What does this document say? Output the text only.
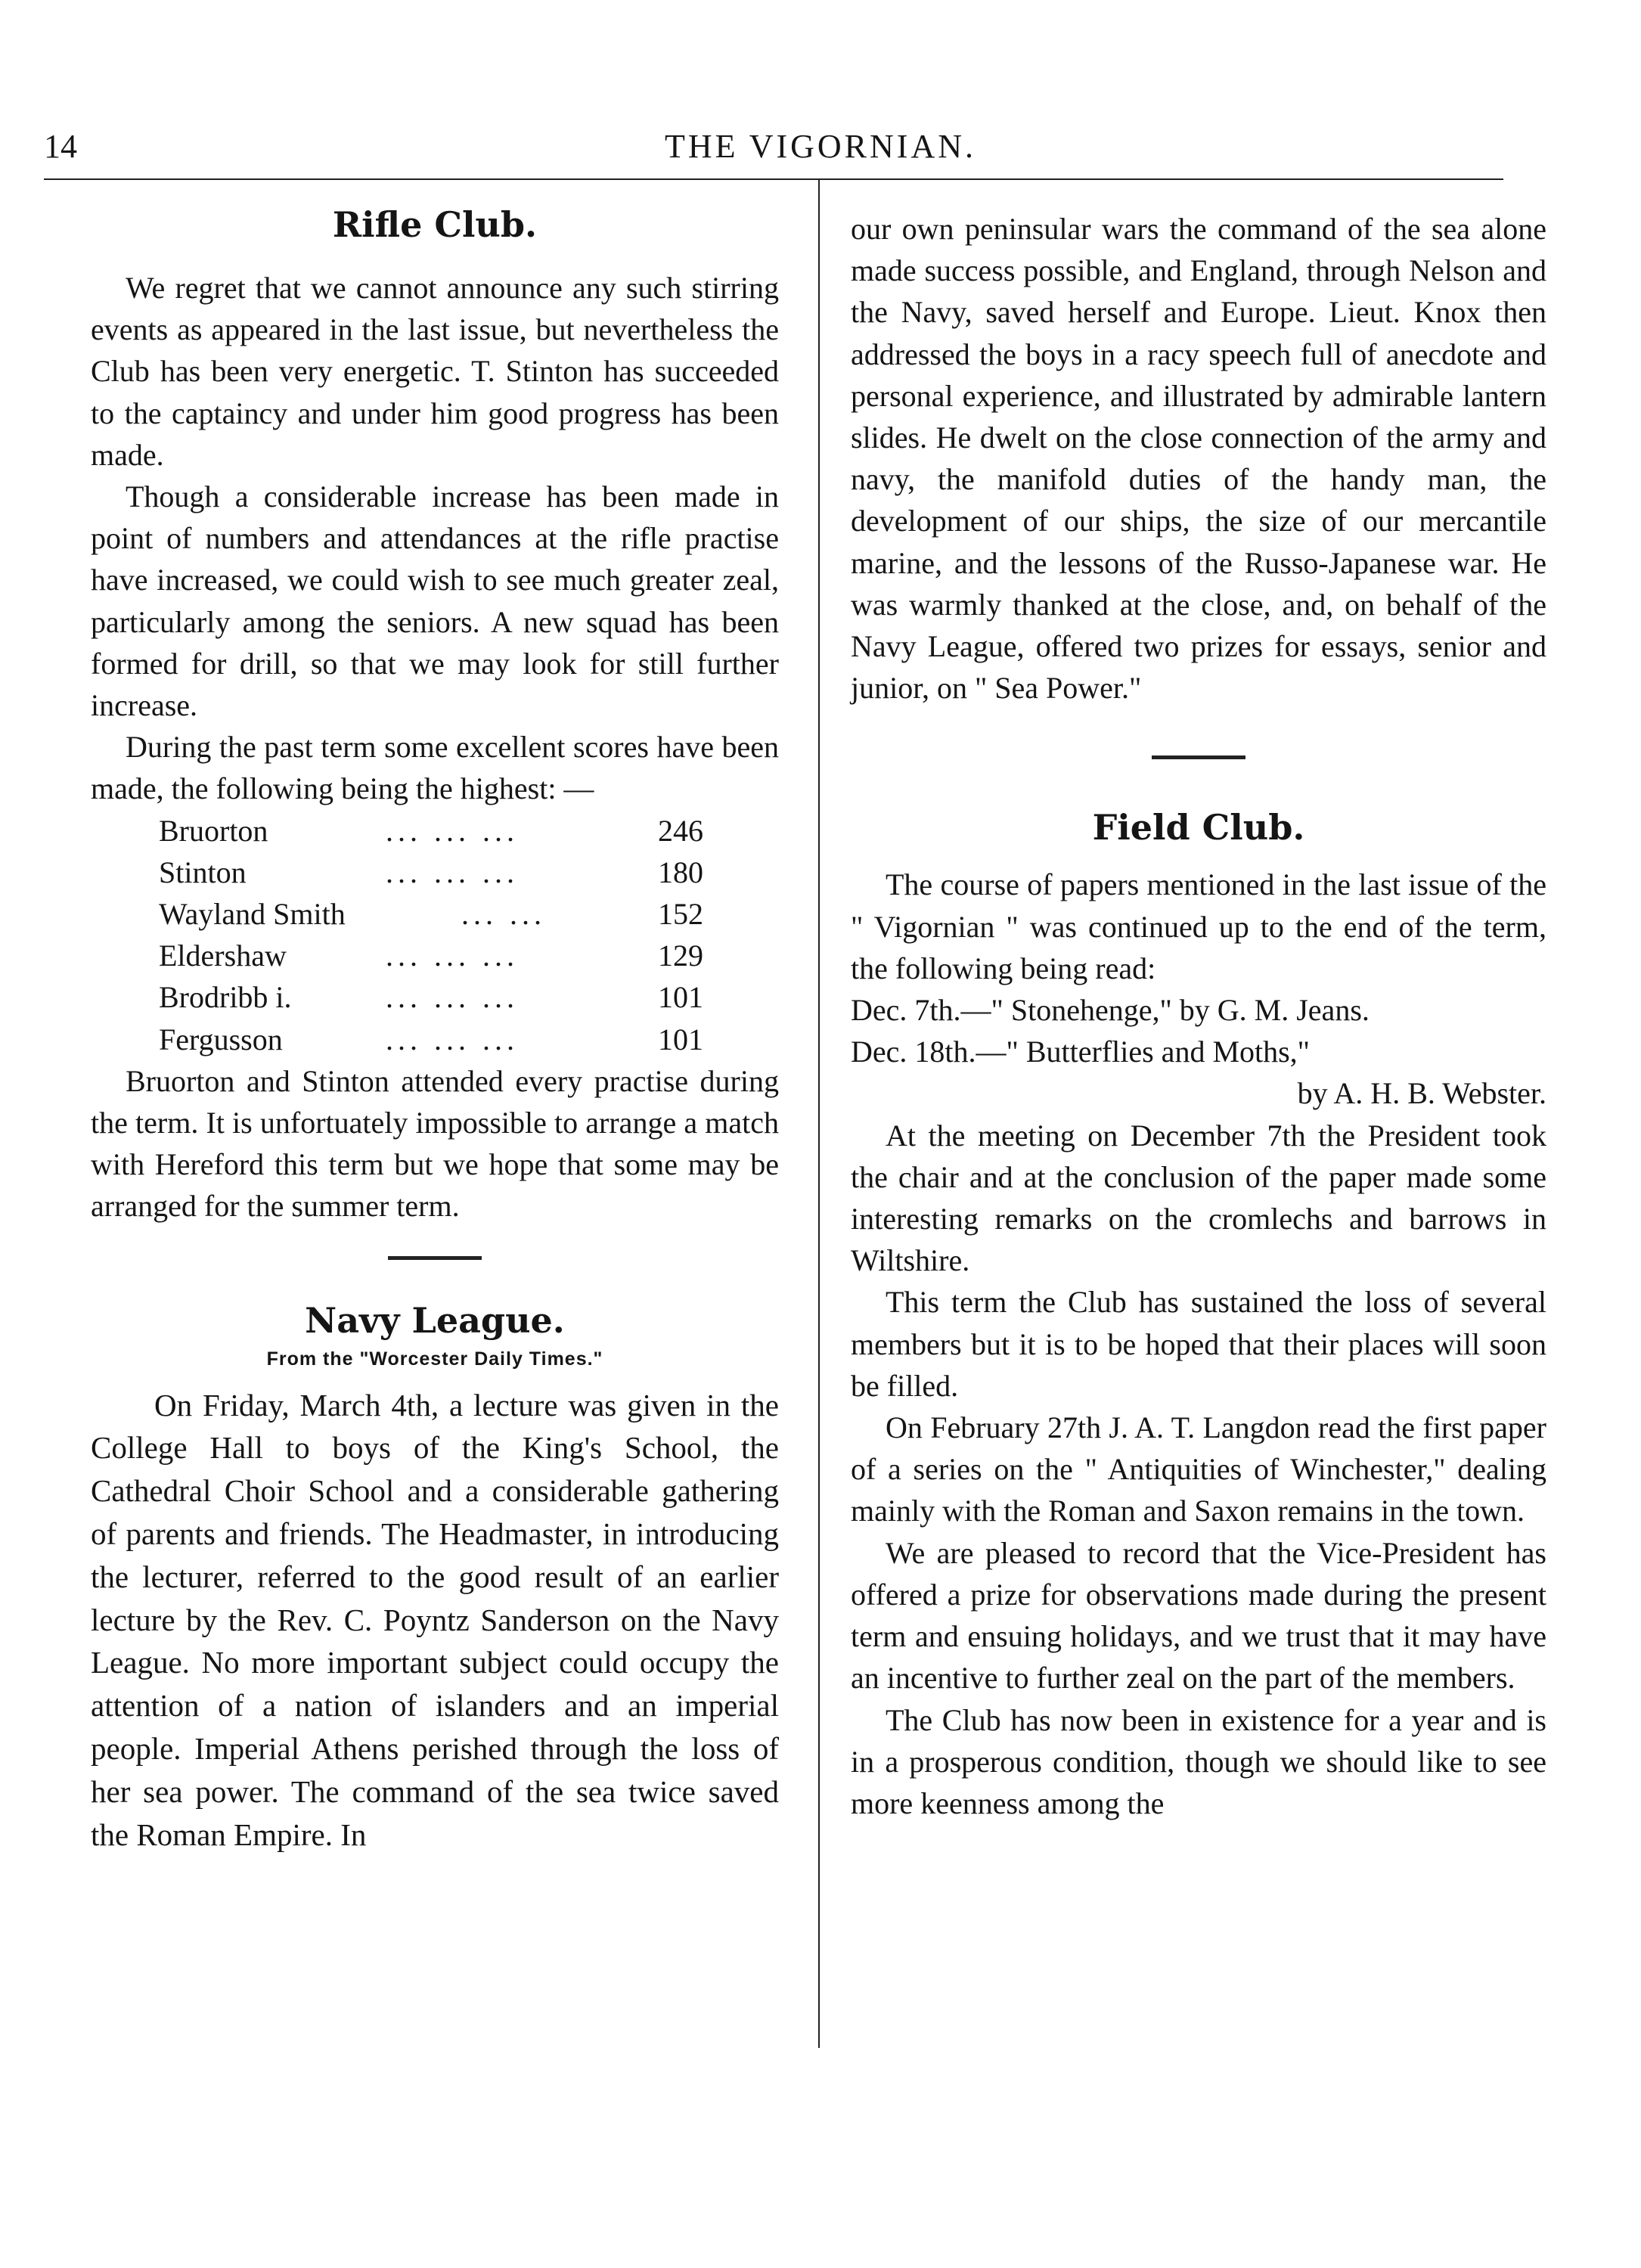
14	THE VIGORNIAN.
Rifle Club.

We regret that we cannot announce any such stirring events as appeared in the last issue, but nevertheless the Club has been very energetic. T. Stinton has succeeded to the captaincy and under him good progress has been made.

Though a considerable increase has been made in point of numbers and attendances at the rifle practise have increased, we could wish to see much greater zeal, particularly among the seniors. A new squad has been formed for drill, so that we may look for still further increase.

During the past term some excellent scores have been made, the following being the highest: —

Bruorton	... ... ...	246
Stinton	... ... ...	180
Wayland Smith	... ...	152
Eldershaw	... ... ...	129
Brodribb i.	... ... ...	101
Fergusson	... ... ...	101

Bruorton and Stinton attended every practise during the term. It is unfortuately impossible to arrange a match with Hereford this term but we hope that some may be arranged for the summer term.

Navy League.
From the "Worcester Daily Times."

On Friday, March 4th, a lecture was given in the College Hall to boys of the King's School, the Cathedral Choir School and a considerable gathering of parents and friends. The Headmaster, in introducing the lecturer, referred to the good result of an earlier lecture by the Rev. C. Poyntz Sanderson on the Navy League. No more important subject could occupy the attention of a nation of islanders and an imperial people. Imperial Athens perished through the loss of her sea power. The command of the sea twice saved the Roman Empire. In

our own peninsular wars the command of the sea alone made success possible, and England, through Nelson and the Navy, saved herself and Europe. Lieut. Knox then addressed the boys in a racy speech full of anecdote and personal experience, and illustrated by admirable lantern slides. He dwelt on the close connection of the army and navy, the manifold duties of the handy man, the development of our ships, the size of our mercantile marine, and the lessons of the Russo-Japanese war. He was warmly thanked at the close, and, on behalf of the Navy League, offered two prizes for essays, senior and junior, on " Sea Power."

Field Club.

The course of papers mentioned in the last issue of the " Vigornian " was continued up to the end of the term, the following being read:

Dec. 7th.—" Stonehenge," by G. M. Jeans.

Dec. 18th.—" Butterflies and Moths,"

by A. H. B. Webster.

At the meeting on December 7th the President took the chair and at the conclusion of the paper made some interesting remarks on the cromlechs and barrows in Wiltshire.

This term the Club has sustained the loss of several members but it is to be hoped that their places will soon be filled.

On February 27th J. A. T. Langdon read the first paper of a series on the " Antiquities of Winchester," dealing mainly with the Roman and Saxon remains in the town.

We are pleased to record that the Vice-President has offered a prize for observations made during the present term and ensuing holidays, and we trust that it may have an incentive to further zeal on the part of the members.

The Club has now been in existence for a year and is in a prosperous condition, though we should like to see more keenness among the
